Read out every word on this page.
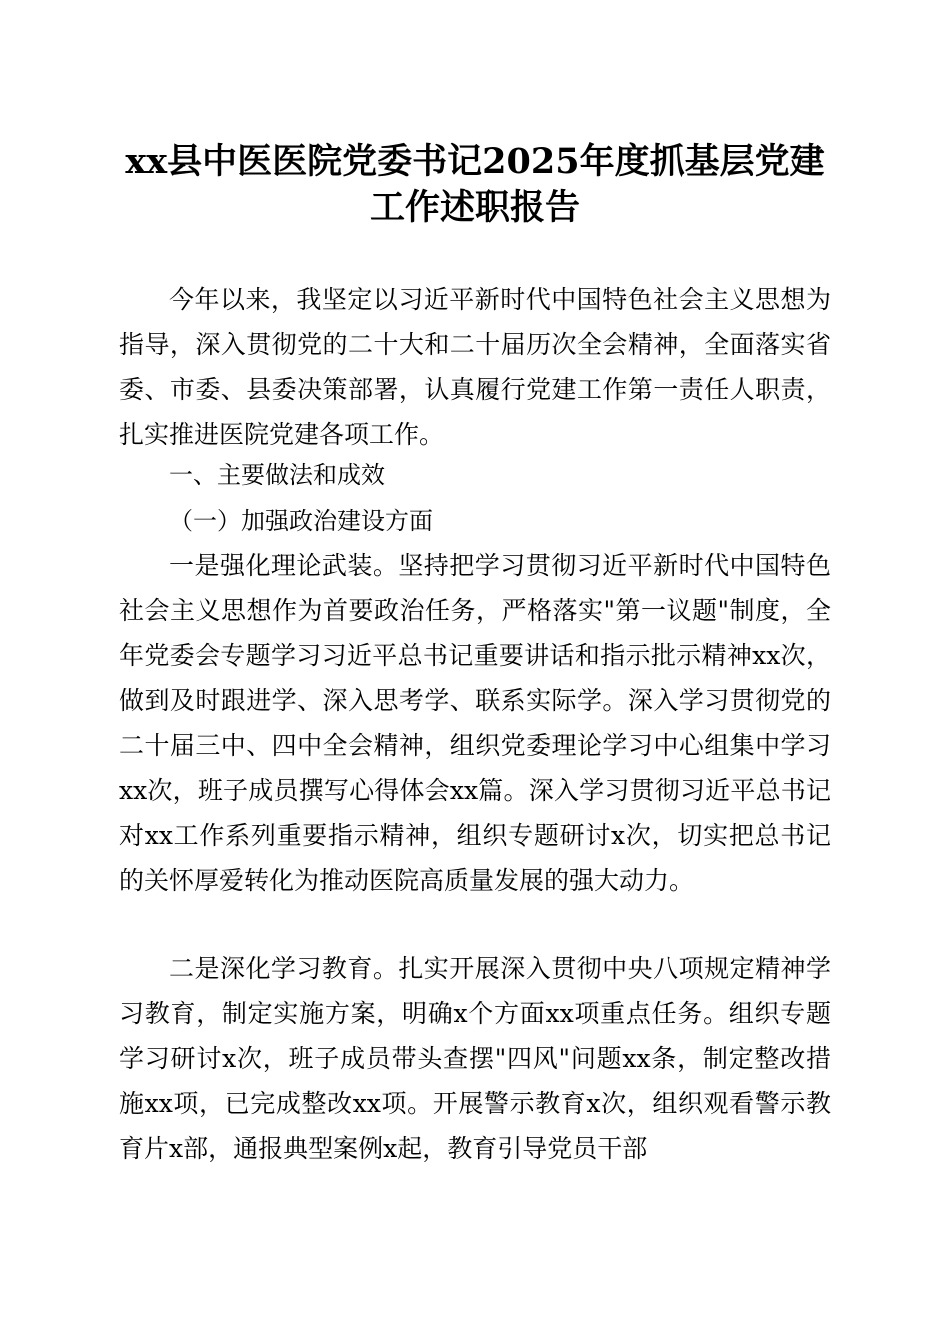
xx县中医医院党委书记2025年度抓基层党建
工作述职报告

今年以来，我坚定以习近平新时代中国特色社会主义思想为指导，深入贯彻党的二十大和二十届历次全会精神，全面落实省委、市委、县委决策部署，认真履行党建工作第一责任人职责，扎实推进医院党建各项工作。

一、主要做法和成效

（一）加强政治建设方面

一是强化理论武装。坚持把学习贯彻习近平新时代中国特色社会主义思想作为首要政治任务，严格落实"第一议题"制度，全年党委会专题学习习近平总书记重要讲话和指示批示精神xx次，做到及时跟进学、深入思考学、联系实际学。深入学习贯彻党的二十届三中、四中全会精神，组织党委理论学习中心组集中学习xx次，班子成员撰写心得体会xx篇。深入学习贯彻习近平总书记对xx工作系列重要指示精神，组织专题研讨x次，切实把总书记的关怀厚爱转化为推动医院高质量发展的强大动力。

二是深化学习教育。扎实开展深入贯彻中央八项规定精神学习教育，制定实施方案，明确x个方面xx项重点任务。组织专题学习研讨x次，班子成员带头查摆"四风"问题xx条，制定整改措施xx项，已完成整改xx项。开展警示教育x次，组织观看警示教育片x部，通报典型案例x起，教育引导党员干部
